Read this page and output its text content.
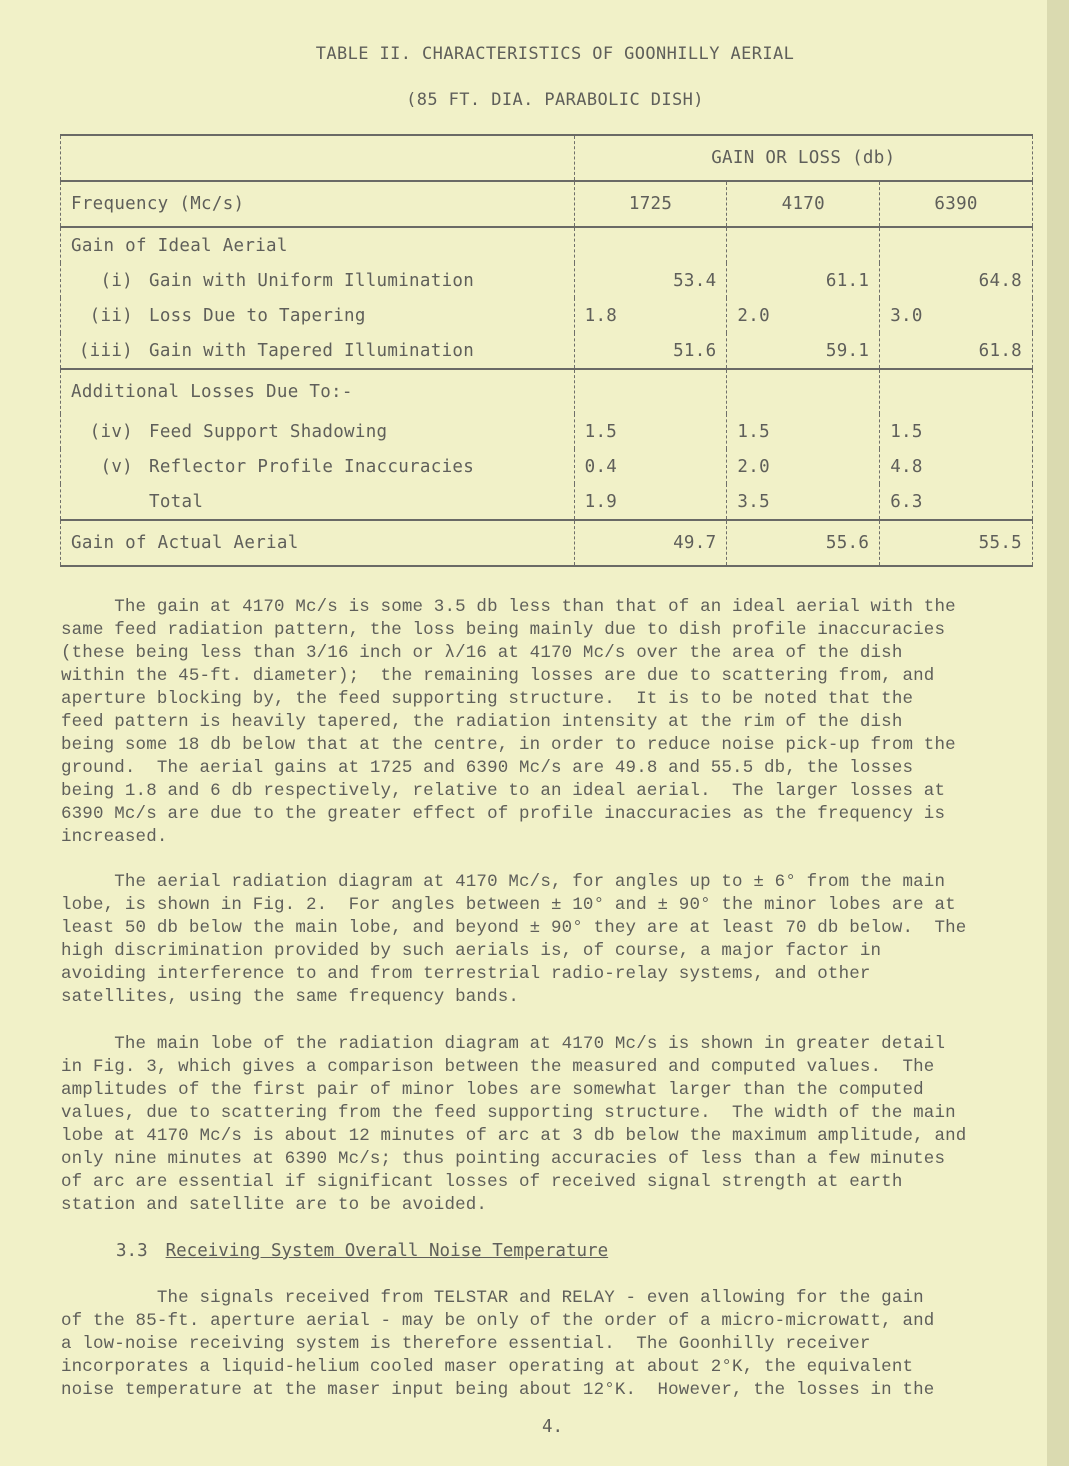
TABLE II. CHARACTERISTICS OF GOONHILLY AERIAL
(85 FT. DIA. PARABOLIC DISH)
	GAIN OR LOSS (db)		
Frequency (Mc/s)	1725	4170	6390
Gain of Ideal Aerial			
(i) Gain with Uniform Illumination	53.4	61.1	64.8
(ii) Loss Due to Tapering	1.8	2.0	3.0
(iii) Gain with Tapered Illumination	51.6	59.1	61.8
Additional Losses Due To:-			
(iv) Feed Support Shadowing	1.5	1.5	1.5
(v) Reflector Profile Inaccuracies	0.4	2.0	4.8
Total	1.9	3.5	6.3
Gain of Actual Aerial	49.7	55.6	55.5
The gain at 4170 Mc/s is some 3.5 db less than that of an ideal aerial with the
same feed radiation pattern, the loss being mainly due to dish profile inaccuracies
(these being less than 3/16 inch or λ/16 at 4170 Mc/s over the area of the dish
within the 45-ft. diameter);  the remaining losses are due to scattering from, and
aperture blocking by, the feed supporting structure.  It is to be noted that the
feed pattern is heavily tapered, the radiation intensity at the rim of the dish
being some 18 db below that at the centre, in order to reduce noise pick-up from the
ground.  The aerial gains at 1725 and 6390 Mc/s are 49.8 and 55.5 db, the losses
being 1.8 and 6 db respectively, relative to an ideal aerial.  The larger losses at
6390 Mc/s are due to the greater effect of profile inaccuracies as the frequency is
increased.
The aerial radiation diagram at 4170 Mc/s, for angles up to ± 6° from the main
lobe, is shown in Fig. 2.  For angles between ± 10° and ± 90° the minor lobes are at
least 50 db below the main lobe, and beyond ± 90° they are at least 70 db below.  The
high discrimination provided by such aerials is, of course, a major factor in
avoiding interference to and from terrestrial radio-relay systems, and other
satellites, using the same frequency bands.
The main lobe of the radiation diagram at 4170 Mc/s is shown in greater detail
in Fig. 3, which gives a comparison between the measured and computed values.  The
amplitudes of the first pair of minor lobes are somewhat larger than the computed
values, due to scattering from the feed supporting structure.  The width of the main
lobe at 4170 Mc/s is about 12 minutes of arc at 3 db below the maximum amplitude, and
only nine minutes at 6390 Mc/s; thus pointing accuracies of less than a few minutes
of arc are essential if significant losses of received signal strength at earth
station and satellite are to be avoided.
3.3 Receiving System Overall Noise Temperature
The signals received from TELSTAR and RELAY - even allowing for the gain
of the 85-ft. aperture aerial - may be only of the order of a micro-microwatt, and
a low-noise receiving system is therefore essential.  The Goonhilly receiver
incorporates a liquid-helium cooled maser operating at about 2°K, the equivalent
noise temperature at the maser input being about 12°K.  However, the losses in the
4.
